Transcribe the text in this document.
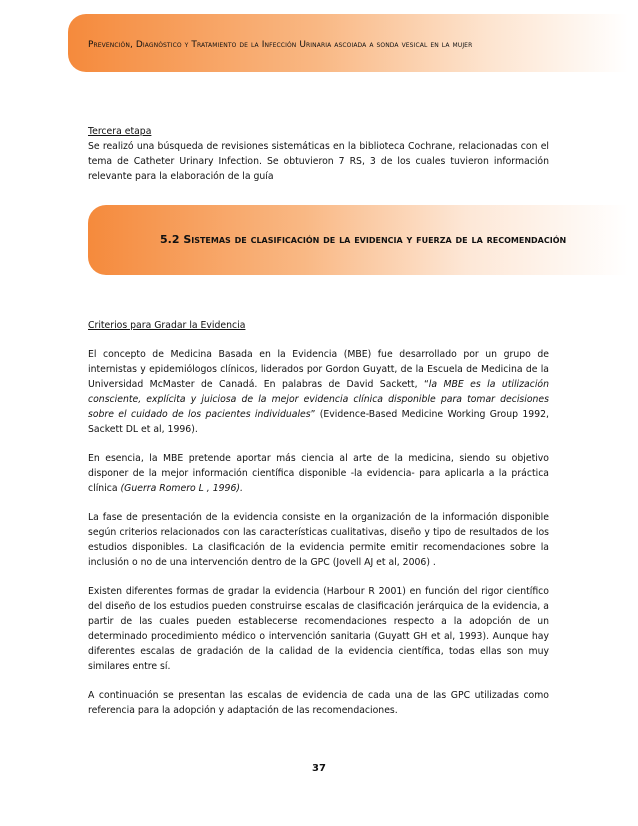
Prevención, Diagnóstico y Tratamiento de la Infección Urinaria ascoiada a sonda vesical en la mujer
Tercera etapa
Se realizó una búsqueda de revisiones sistemáticas en la biblioteca Cochrane, relacionadas con el tema de Catheter Urinary Infection. Se obtuvieron 7 RS, 3 de los cuales tuvieron información relevante para la elaboración de la guía
5.2 Sistemas de clasificación de la evidencia y fuerza de la recomendación
Criterios para Gradar la Evidencia
El concepto de Medicina Basada en la Evidencia (MBE) fue desarrollado por un grupo de internistas y epidemiólogos clínicos, liderados por Gordon Guyatt, de la Escuela de Medicina de la Universidad McMaster de Canadá. En palabras de David Sackett, “la MBE es la utilización consciente, explícita y juiciosa de la mejor evidencia clínica disponible para tomar decisiones sobre el cuidado de los pacientes individuales” (Evidence-Based Medicine Working Group 1992, Sackett DL et al, 1996).
En esencia, la MBE pretende aportar más ciencia al arte de la medicina, siendo su objetivo disponer de la mejor información científica disponible -la evidencia- para aplicarla a la práctica clínica (Guerra Romero L , 1996).
La fase de presentación de la evidencia consiste en la organización de la información disponible según criterios relacionados con las características cualitativas, diseño y tipo de resultados de los estudios disponibles. La clasificación de la evidencia permite emitir recomendaciones sobre la inclusión o no de una intervención dentro de la GPC (Jovell AJ et al, 2006) .
Existen diferentes formas de gradar la evidencia (Harbour R 2001) en función del rigor científico del diseño de los estudios pueden construirse escalas de clasificación jerárquica de la evidencia, a partir de las cuales pueden establecerse recomendaciones respecto a la adopción de un determinado procedimiento médico o intervención sanitaria (Guyatt GH et al, 1993). Aunque hay diferentes escalas de gradación de la calidad de la evidencia científica, todas ellas son muy similares entre sí.
A continuación se presentan las escalas de evidencia de cada una de las GPC utilizadas como referencia para la adopción y adaptación de las recomendaciones.
37
